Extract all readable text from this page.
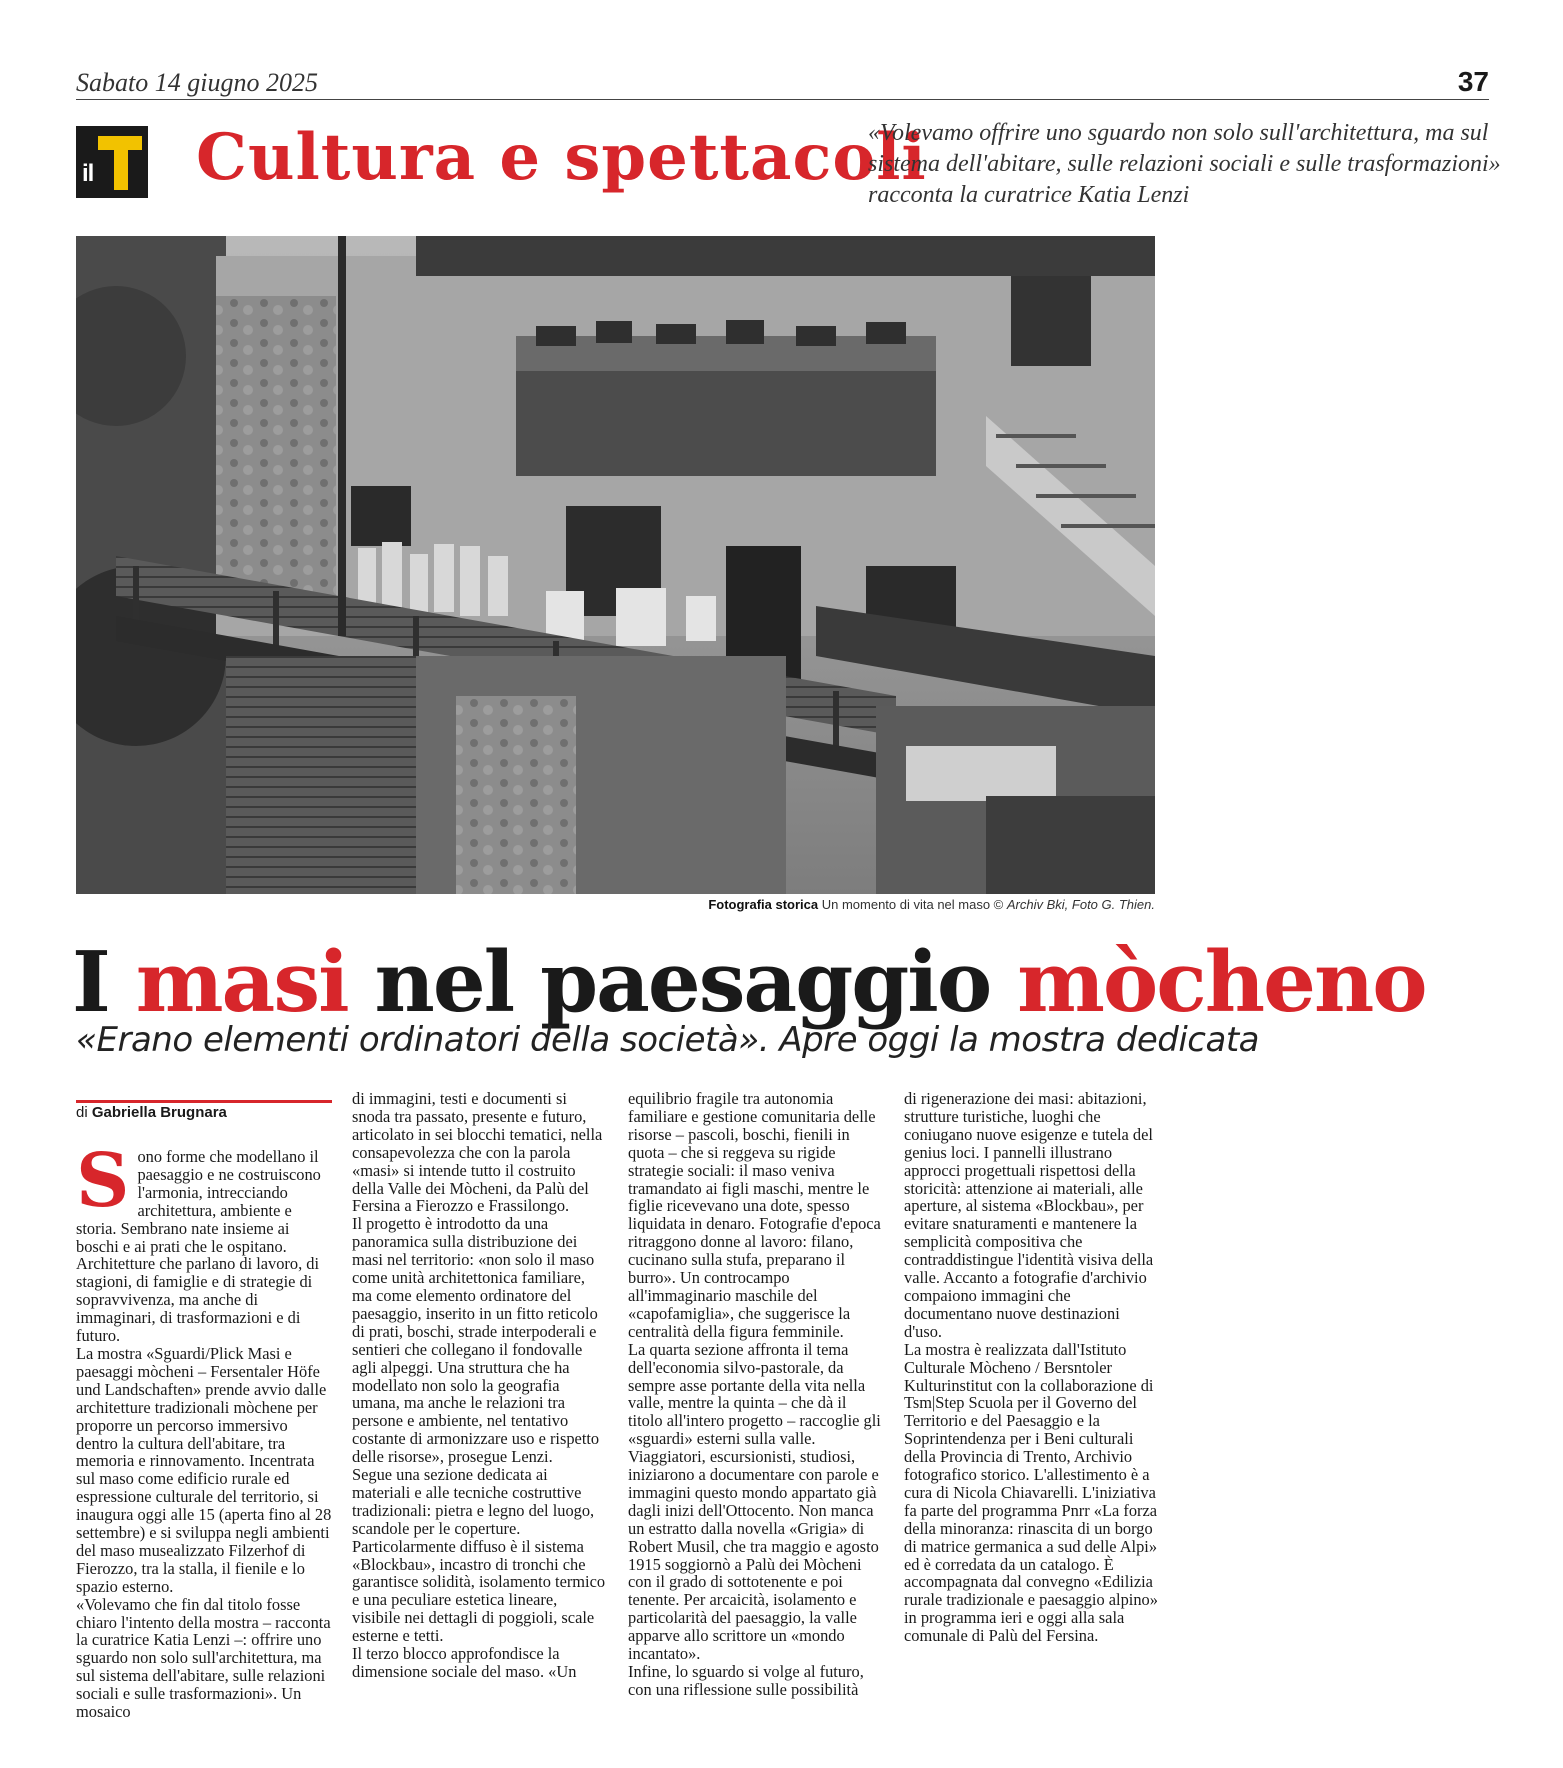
Sabato 14 giugno 2025	37
il Cultura e spettacoli
«Volevamo offrire uno sguardo non solo sull'architettura, ma sul sistema dell'abitare, sulle relazioni sociali e sulle trasformazioni» racconta la curatrice Katia Lenzi
Fotografia storica Un momento di vita nel maso © Archiv Bki, Foto G. Thien.
I masi nel paesaggio mòcheno
«Erano elementi ordinatori della società». Apre oggi la mostra dedicata
di Gabriella Brugnara
S ono forme che modellano il paesaggio e ne costruiscono l'armonia, intrecciando architettura, ambiente e storia. Sembrano nate insieme ai boschi e ai prati che le ospitano. Architetture che parlano di lavoro, di stagioni, di famiglie e di strategie di sopravvivenza, ma anche di immaginari, di trasformazioni e di futuro.

La mostra «Sguardi/Plick Masi e paesaggi mòcheni – Fersentaler Höfe und Landschaften» prende avvio dalle architetture tradizionali mòchene per proporre un percorso immersivo dentro la cultura dell'abitare, tra memoria e rinnovamento. Incentrata sul maso come edificio rurale ed espressione culturale del territorio, si inaugura oggi alle 15 (aperta fino al 28 settembre) e si sviluppa negli ambienti del maso musealizzato Filzerhof di Fierozzo, tra la stalla, il fienile e lo spazio esterno.

«Volevamo che fin dal titolo fosse chiaro l'intento della mostra – racconta la curatrice Katia Lenzi –: offrire uno sguardo non solo sull'architettura, ma sul sistema dell'abitare, sulle relazioni sociali e sulle trasformazioni». Un mosaico

di immagini, testi e documenti si snoda tra passato, presente e futuro, articolato in sei blocchi tematici, nella consapevolezza che con la parola «masi» si intende tutto il costruito della Valle dei Mòcheni, da Palù del Fersina a Fierozzo e Frassilongo.

Il progetto è introdotto da una panoramica sulla distribuzione dei masi nel territorio: «non solo il maso come unità architettonica familiare, ma come elemento ordinatore del paesaggio, inserito in un fitto reticolo di prati, boschi, strade interpoderali e sentieri che collegano il fondovalle agli alpeggi. Una struttura che ha modellato non solo la geografia umana, ma anche le relazioni tra persone e ambiente, nel tentativo costante di armonizzare uso e rispetto delle risorse», prosegue Lenzi.

Segue una sezione dedicata ai materiali e alle tecniche costruttive tradizionali: pietra e legno del luogo, scandole per le coperture. Particolarmente diffuso è il sistema «Blockbau», incastro di tronchi che garantisce solidità, isolamento termico e una peculiare estetica lineare, visibile nei dettagli di poggioli, scale esterne e tetti.

Il terzo blocco approfondisce la dimensione sociale del maso. «Un

equilibrio fragile tra autonomia familiare e gestione comunitaria delle risorse – pascoli, boschi, fienili in quota – che si reggeva su rigide strategie sociali: il maso veniva tramandato ai figli maschi, mentre le figlie ricevevano una dote, spesso liquidata in denaro. Fotografie d'epoca ritraggono donne al lavoro: filano, cucinano sulla stufa, preparano il burro». Un controcampo all'immaginario maschile del «capofamiglia», che suggerisce la centralità della figura femminile.

La quarta sezione affronta il tema dell'economia silvo-pastorale, da sempre asse portante della vita nella valle, mentre la quinta – che dà il titolo all'intero progetto – raccoglie gli «sguardi» esterni sulla valle. Viaggiatori, escursionisti, studiosi, iniziarono a documentare con parole e immagini questo mondo appartato già dagli inizi dell'Ottocento. Non manca un estratto dalla novella «Grigia» di Robert Musil, che tra maggio e agosto 1915 soggiornò a Palù dei Mòcheni con il grado di sottotenente e poi tenente. Per arcaicità, isolamento e particolarità del paesaggio, la valle apparve allo scrittore un «mondo incantato».

Infine, lo sguardo si volge al futuro, con una riflessione sulle possibilità

di rigenerazione dei masi: abitazioni, strutture turistiche, luoghi che coniugano nuove esigenze e tutela del genius loci. I pannelli illustrano approcci progettuali rispettosi della storicità: attenzione ai materiali, alle aperture, al sistema «Blockbau», per evitare snaturamenti e mantenere la semplicità compositiva che contraddistingue l'identità visiva della valle. Accanto a fotografie d'archivio compaiono immagini che documentano nuove destinazioni d'uso.

La mostra è realizzata dall'Istituto Culturale Mòcheno / Bersntoler Kulturinstitut con la collaborazione di Tsm|Step Scuola per il Governo del Territorio e del Paesaggio e la Soprintendenza per i Beni culturali della Provincia di Trento, Archivio fotografico storico. L'allestimento è a cura di Nicola Chiavarelli. L'iniziativa fa parte del programma Pnrr «La forza della minoranza: rinascita di un borgo di matrice germanica a sud delle Alpi» ed è corredata da un catalogo. È accompagnata dal convegno «Edilizia rurale tradizionale e paesaggio alpino» in programma ieri e oggi alla sala comunale di Palù del Fersina.
